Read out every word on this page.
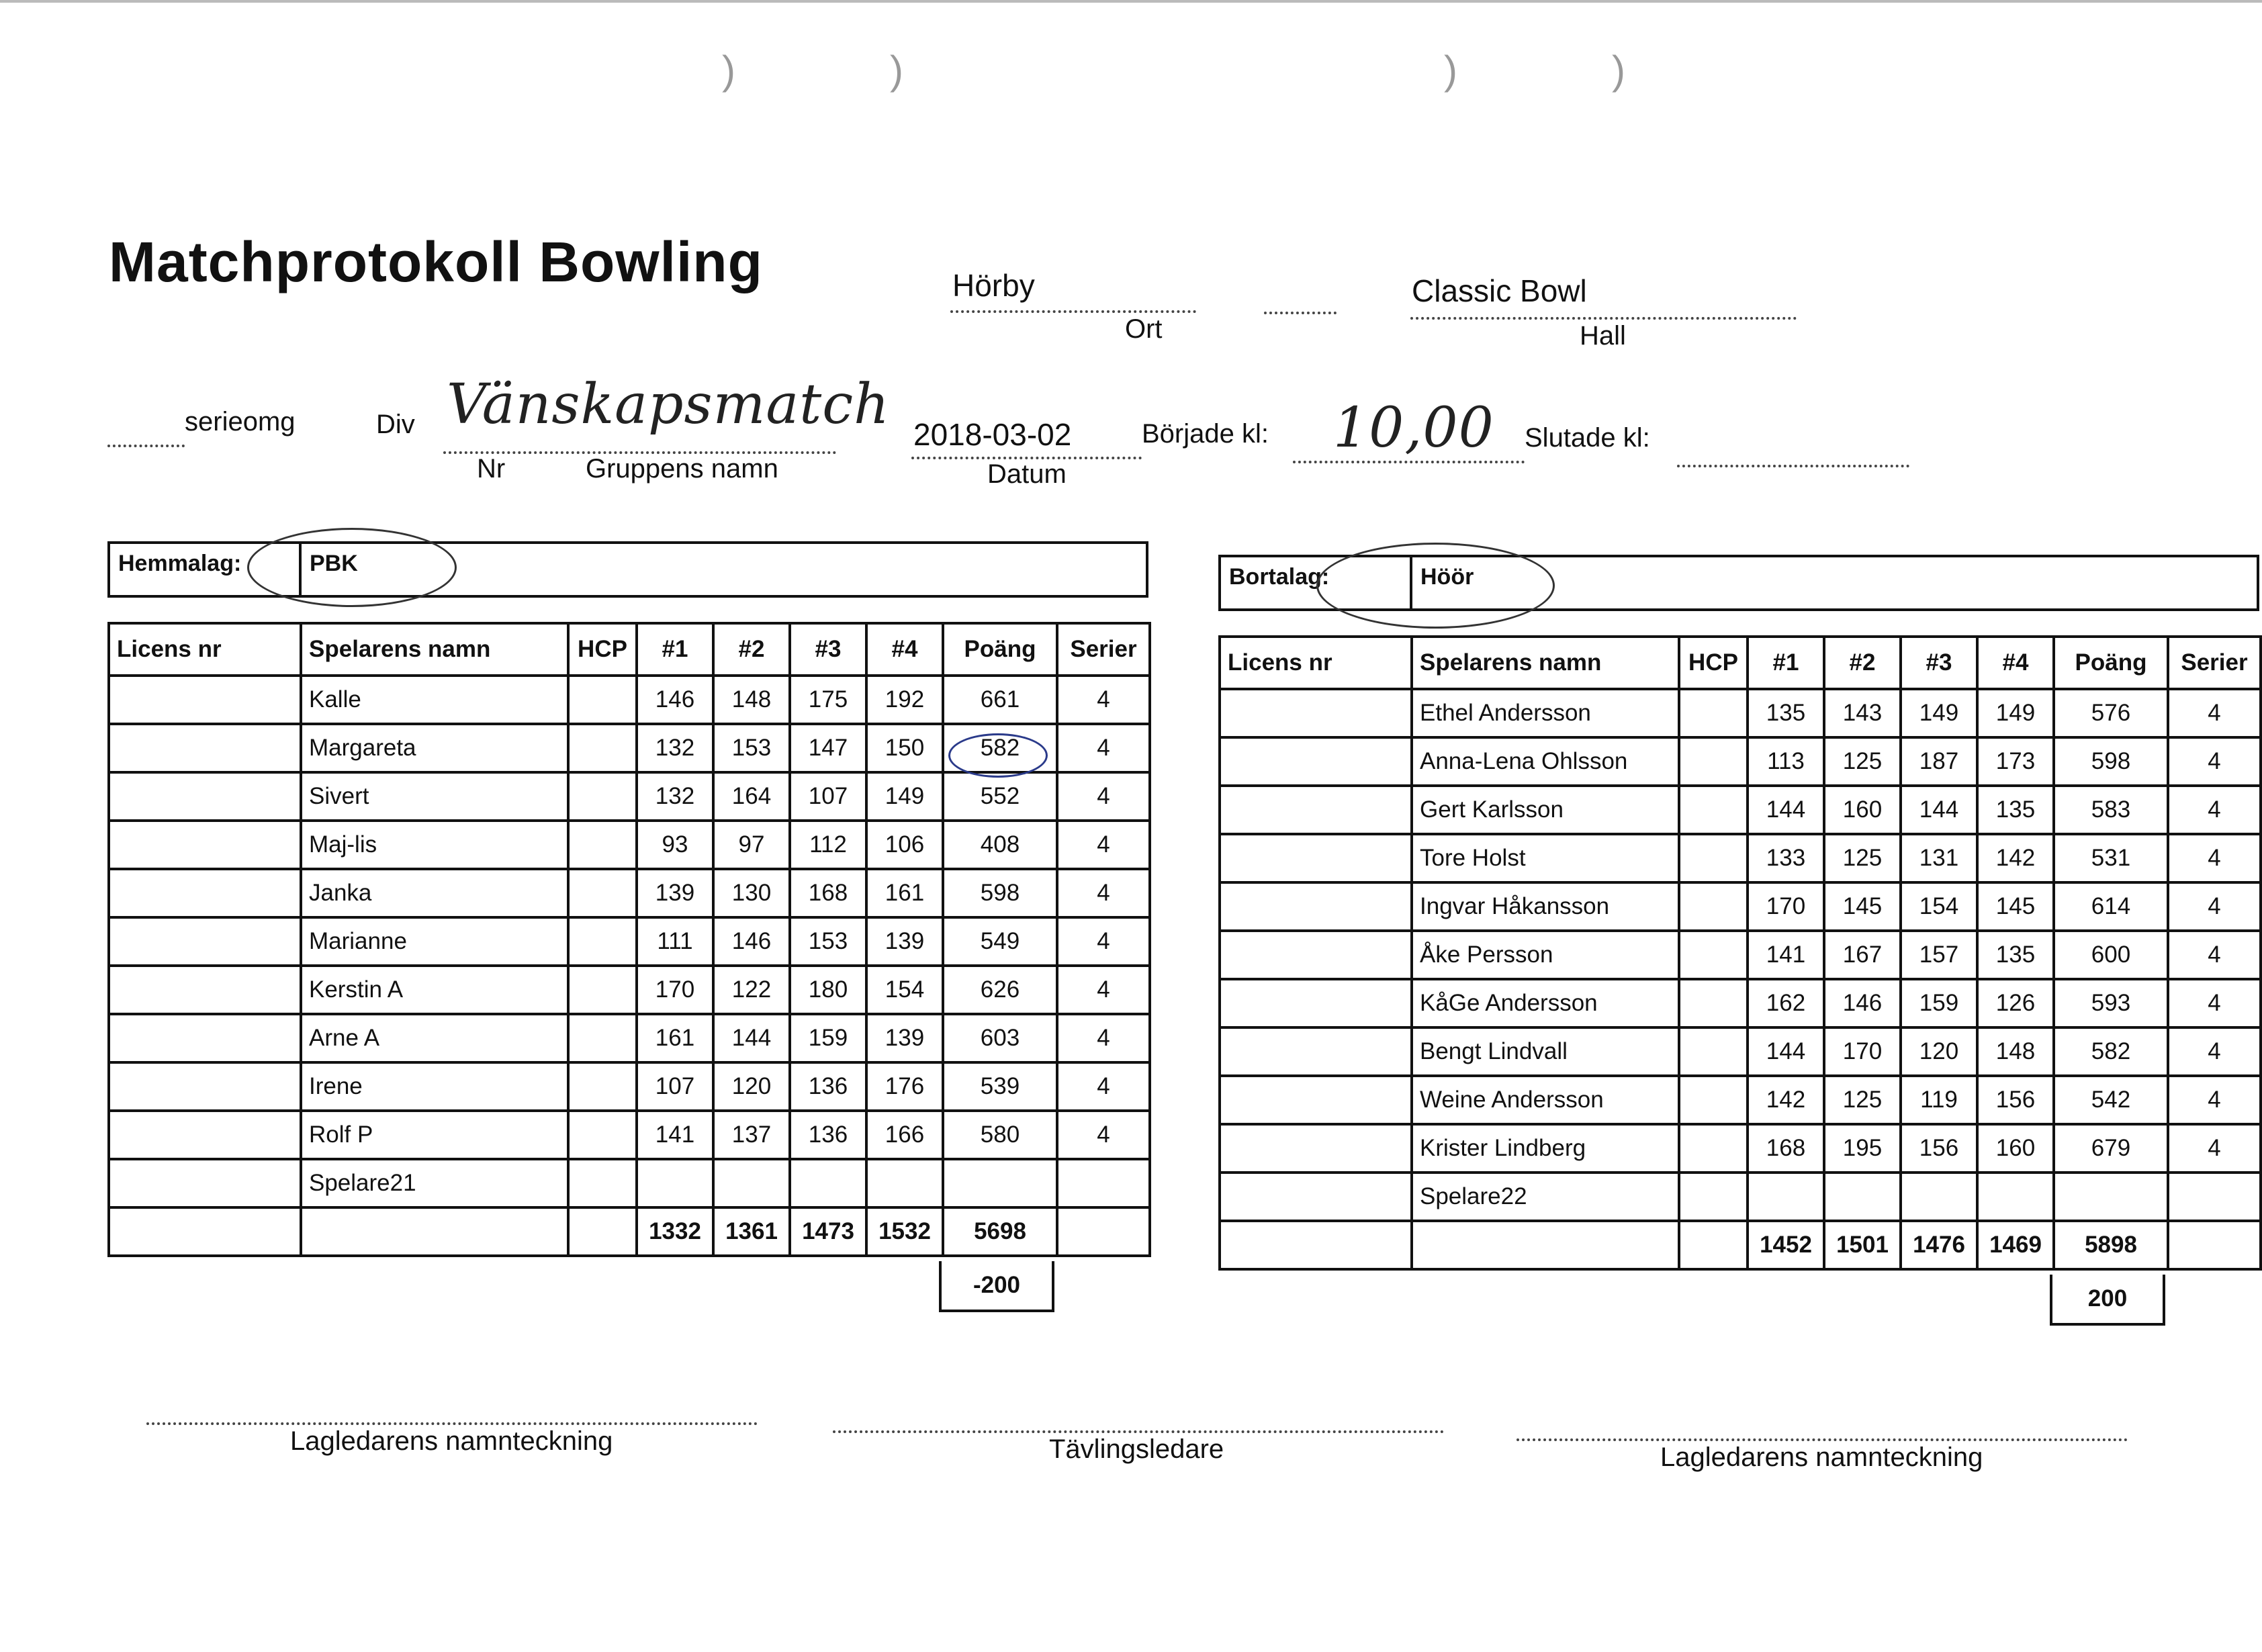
)	)	)	)
Matchprotokoll Bowling	Hörby
Ort
Classic Bowl
Hall
serieomg	Div Vänskapsmatch
Nr	Gruppens namn
2018-03-02
Datum
Började kl: 10,00 Slutade kl:
Hemmalag:	PBK
Bortalag:	Höör
Licens nr	Spelarens namn	HCP	#1	#2	#3	#4	Poäng	Serier
	Kalle		146	148	175	192	661	4
	Margareta		132	153	147	150	582	4
	Sivert		132	164	107	149	552	4
	Maj-lis		93	97	112	106	408	4
	Janka		139	130	168	161	598	4
	Marianne		111	146	153	139	549	4
	Kerstin A		170	122	180	154	626	4
	Arne A		161	144	159	139	603	4
	Irene		107	120	136	176	539	4
	Rolf P		141	137	136	166	580	4
	Spelare21							
			1332	1361	1473	1532	5698	
-200
Licens nr	Spelarens namn	HCP	#1	#2	#3	#4	Poäng	Serier
	Ethel Andersson		135	143	149	149	576	4
	Anna-Lena Ohlsson		113	125	187	173	598	4
	Gert Karlsson		144	160	144	135	583	4
	Tore Holst		133	125	131	142	531	4
	Ingvar Håkansson		170	145	154	145	614	4
	Åke Persson		141	167	157	135	600	4
	KåGe Andersson		162	146	159	126	593	4
	Bengt Lindvall		144	170	120	148	582	4
	Weine Andersson		142	125	119	156	542	4
	Krister Lindberg		168	195	156	160	679	4
	Spelare22							
			1452	1501	1476	1469	5898	
200
Lagledarens namnteckning	Tävlingsledare	Lagledarens namnteckning
